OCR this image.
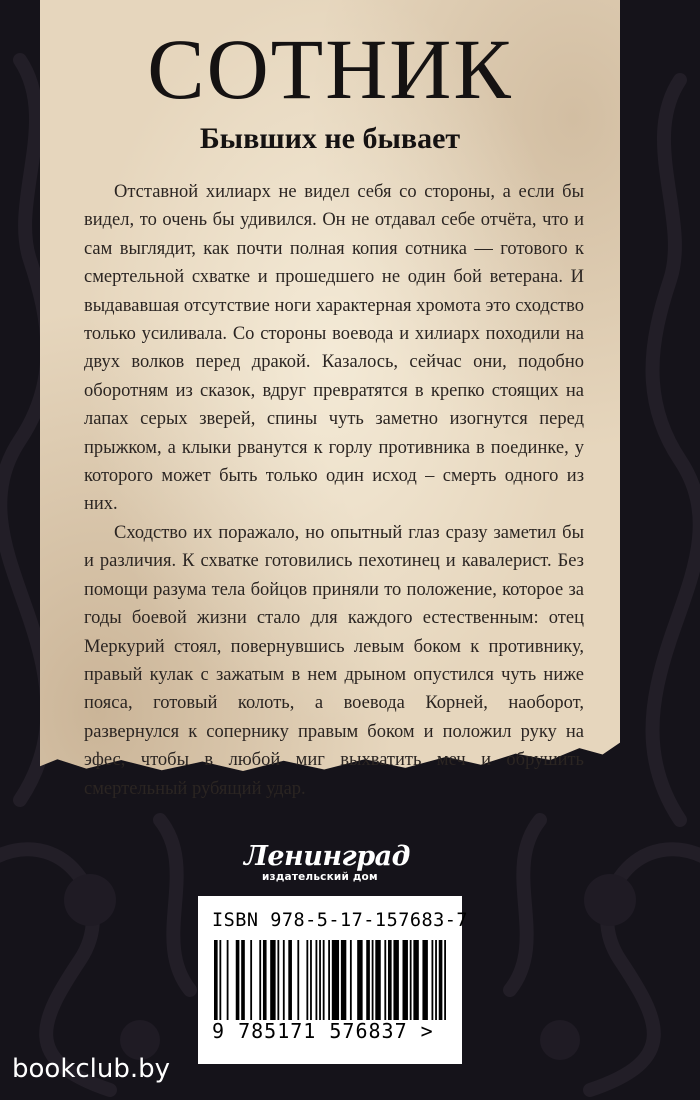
СОТНИК
Бывших не бывает

Отставной хилиарх не видел себя со стороны, а если бы видел, то очень бы удивился. Он не отдавал себе отчёта, что и сам выглядит, как почти полная копия сотника — готового к смертельной схватке и прошедшего не один бой ветерана. И выдававшая отсутствие ноги характерная хромота это сходство только усиливала. Со стороны воевода и хилиарх походили на двух волков перед дракой. Казалось, сейчас они, подобно оборотням из сказок, вдруг превратятся в крепко стоящих на лапах серых зверей, спины чуть заметно изогнутся перед прыжком, а клыки рванутся к горлу противника в поединке, у которого может быть только один исход – смерть одного из них.

Сходство их поражало, но опытный глаз сразу заметил бы и различия. К схватке готовились пехотинец и кавалерист. Без помощи разума тела бойцов приняли то положение, которое за годы боевой жизни стало для каждого естественным: отец Меркурий стоял, повернувшись левым боком к противнику, правый кулак с зажатым в нем дрыном опустился чуть ниже пояса, готовый колоть, а воевода Корней, наоборот, развернулся к сопернику правым боком и положил руку на эфес, чтобы в любой миг выхватить меч и обрушить смертельный рубящий удар.

Ленинград
издательский дом
ISBN 978-5-17-157683-7
9 785171 576837 >
bookclub.by
